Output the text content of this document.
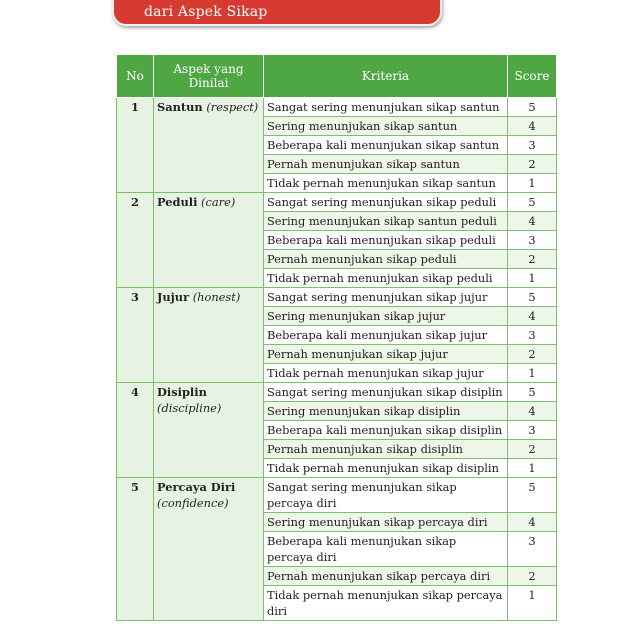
dari Aspek Sikap
No	Aspek yang Dinilai	Kriteria	Score
1	Santun (respect)	Sangat sering menunjukan sikap santun	5
		Sering menunjukan sikap santun	4
		Beberapa kali menunjukan sikap santun	3
		Pernah menunjukan sikap santun	2
		Tidak pernah menunjukan sikap santun	1
2	Peduli (care)	Sangat sering menunjukan sikap peduli	5
		Sering menunjukan sikap santun peduli	4
		Beberapa kali menunjukan sikap peduli	3
		Pernah menunjukan sikap peduli	2
		Tidak pernah menunjukan sikap peduli	1
3	Jujur (honest)	Sangat sering menunjukan sikap jujur	5
		Sering menunjukan sikap jujur	4
		Beberapa kali menunjukan sikap jujur	3
		Pernah menunjukan sikap jujur	2
		Tidak pernah menunjukan sikap jujur	1
4	Disiplin (discipline)	Sangat sering menunjukan sikap disiplin	5
		Sering menunjukan sikap disiplin	4
		Beberapa kali menunjukan sikap disiplin	3
		Pernah menunjukan sikap disiplin	2
		Tidak pernah menunjukan sikap disiplin	1
5	Percaya Diri (confidence)	Sangat sering menunjukan sikap percaya diri	5
		Sering menunjukan sikap percaya diri	4
		Beberapa kali menunjukan sikap percaya diri	3
		Pernah menunjukan sikap percaya diri	2
		Tidak pernah menunjukan sikap percaya diri	1
